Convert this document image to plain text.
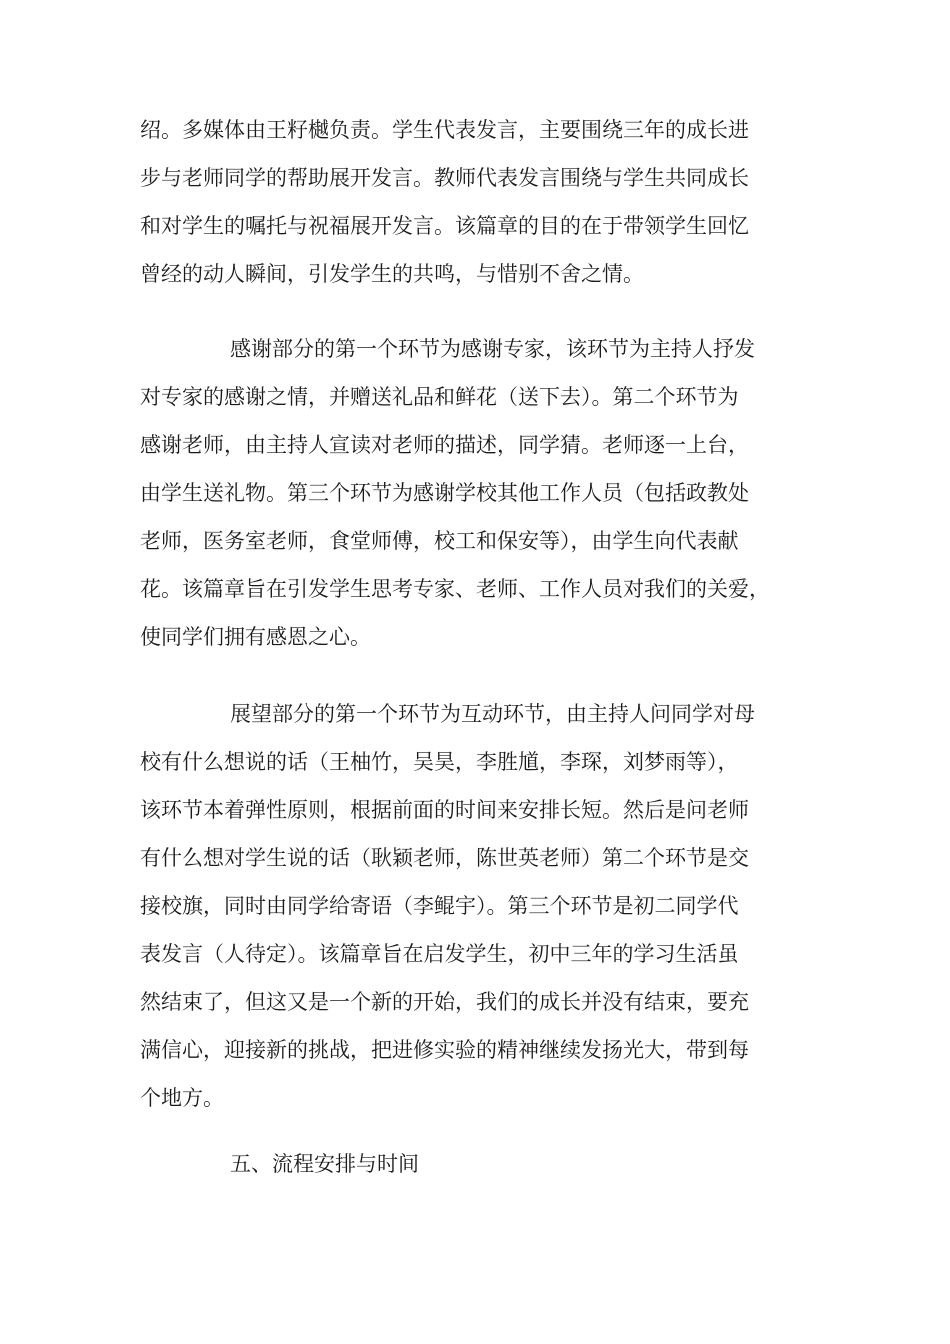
绍。多媒体由王籽樾负责。学生代表发言，主要围绕三年的成长进
步与老师同学的帮助展开发言。教师代表发言围绕与学生共同成长
和对学生的嘱托与祝福展开发言。该篇章的目的在于带领学生回忆
曾经的动人瞬间，引发学生的共鸣，与惜别不舍之情。
感谢部分的第一个环节为感谢专家，该环节为主持人抒发
对专家的感谢之情，并赠送礼品和鲜花（送下去）。第二个环节为
感谢老师，由主持人宣读对老师的描述，同学猜。老师逐一上台，
由学生送礼物。第三个环节为感谢学校其他工作人员（包括政教处
老师，医务室老师，食堂师傅，校工和保安等），由学生向代表献
花。该篇章旨在引发学生思考专家、老师、工作人员对我们的关爱，
使同学们拥有感恩之心。
展望部分的第一个环节为互动环节，由主持人问同学对母
校有什么想说的话（王柚竹，吴昊，李胜馗，李琛，刘梦雨等），
该环节本着弹性原则，根据前面的时间来安排长短。然后是问老师
有什么想对学生说的话（耿颖老师，陈世英老师）第二个环节是交
接校旗，同时由同学给寄语（李鲲宇）。第三个环节是初二同学代
表发言（人待定）。该篇章旨在启发学生，初中三年的学习生活虽
然结束了，但这又是一个新的开始，我们的成长并没有结束，要充
满信心，迎接新的挑战，把进修实验的精神继续发扬光大，带到每
个地方。
五、流程安排与时间
